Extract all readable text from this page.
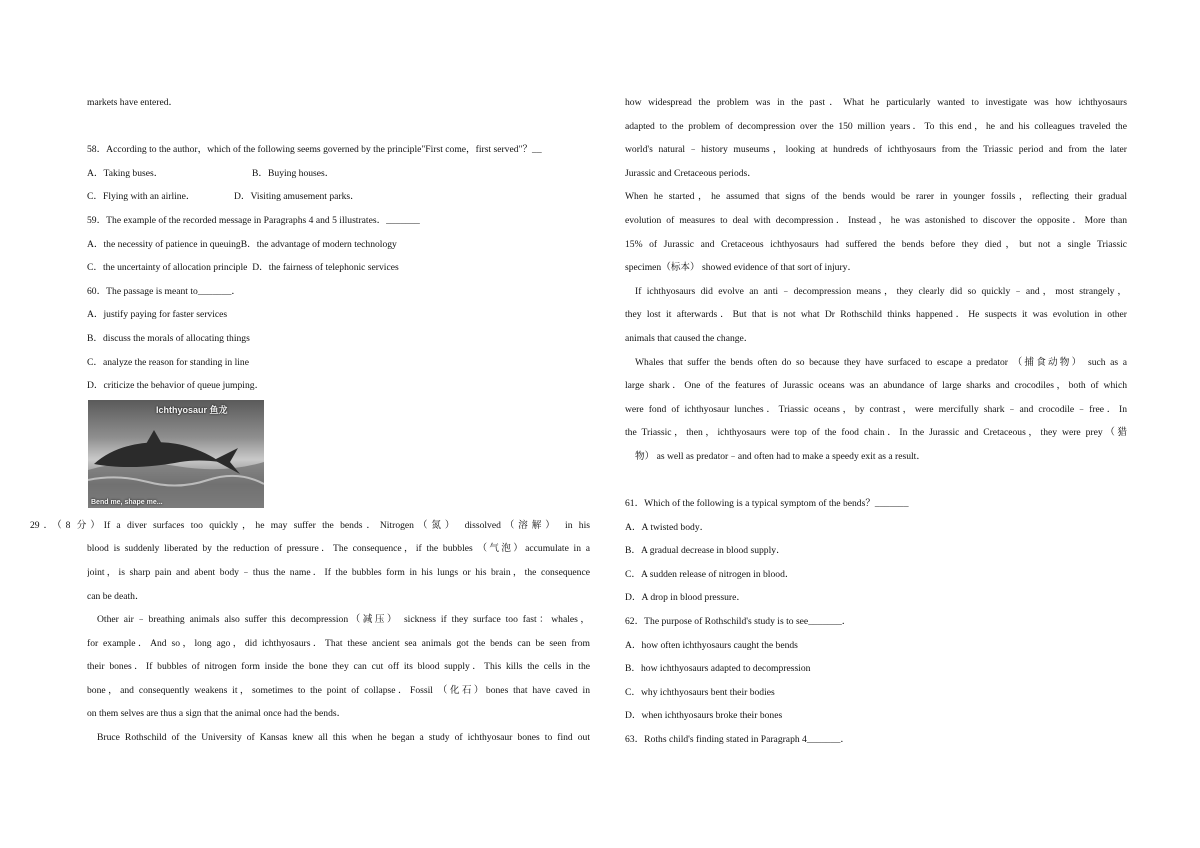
markets have entered．
58．According to the author，which of the following seems governed by the principle"First come，first served"？__
A．Taking buses．	B．Buying houses．
C．Flying with an airline．	D．Visiting amusement parks．
59．The example of the recorded message in Paragraphs 4 and 5 illustrates．_______
A．the necessity of patience in queuingB．the advantage of modern technology
C．the uncertainty of allocation principle D．the fairness of telephonic services
60．The passage is meant to_______．
A．justify paying for faster services
B．discuss the morals of allocating things
C．analyze the reason for standing in line
D．criticize the behavior of queue jumping．
Ichthyosaur 鱼龙
Bend me, shape me...
29．（8 分）If a diver surfaces too quickly，he may suffer the bends．Nitrogen（氮） dissolved（溶解） in his
blood is suddenly liberated by the reduction of pressure．The consequence，if the bubbles （气泡）accumulate in a
joint，is sharp pain and abent body﹣thus the name．If the bubbles form in his lungs or his brain，the consequence
can be death．
Other air﹣breathing animals also suffer this decompression（减压） sickness if they surface too fast：whales，
for example．And so，long ago，did ichthyosaurs．That these ancient sea animals got the bends can be seen from
their bones．If bubbles of nitrogen form inside the bone they can cut off its blood supply．This kills the cells in the
bone，and consequently weakens it，sometimes to the point of collapse．Fossil （化石）bones that have caved in
on them selves are thus a sign that the animal once had the bends．
Bruce Rothschild of the University of Kansas knew all this when he began a study of ichthyosaur bones to find out
how widespread the problem was in the past．What he particularly wanted to investigate was how ichthyosaurs
adapted to the problem of decompression over the 150 million years．To this end，he and his colleagues traveled the
world's natural﹣history museums，looking at hundreds of ichthyosaurs from the Triassic period and from the later
Jurassic and Cretaceous periods．
When he started，he assumed that signs of the bends would be rarer in younger fossils，reflecting their gradual
evolution of measures to deal with decompression．Instead，he was astonished to discover the opposite．More than
15% of Jurassic and Cretaceous ichthyosaurs had suffered the bends before they died，but not a single Triassic
specimen（标本） showed evidence of that sort of injury．
If ichthyosaurs did evolve an anti﹣decompression means，they clearly did so quickly﹣and，most strangely，
they lost it afterwards．But that is not what Dr Rothschild thinks happened．He suspects it was evolution in other
animals that caused the change．
Whales that suffer the bends often do so because they have surfaced to escape a predator （捕食动物） such as a
large shark．One of the features of Jurassic oceans was an abundance of large sharks and crocodiles，both of which
were fond of ichthyosaur lunches．Triassic oceans，by contrast，were mercifully shark﹣and crocodile﹣free．In
the Triassic，then，ichthyosaurs were top of the food chain．In the Jurassic and Cretaceous，they were prey（猎
物） as well as predator﹣and often had to make a speedy exit as a result．
61．Which of the following is a typical symptom of the bends？_______
A．A twisted body．
B．A gradual decrease in blood supply．
C．A sudden release of nitrogen in blood．
D．A drop in blood pressure．
62．The purpose of Rothschild's study is to see_______．
A．how often ichthyosaurs caught the bends
B．how ichthyosaurs adapted to decompression
C．why ichthyosaurs bent their bodies
D．when ichthyosaurs broke their bones
63．Roths child's finding stated in Paragraph 4_______．
